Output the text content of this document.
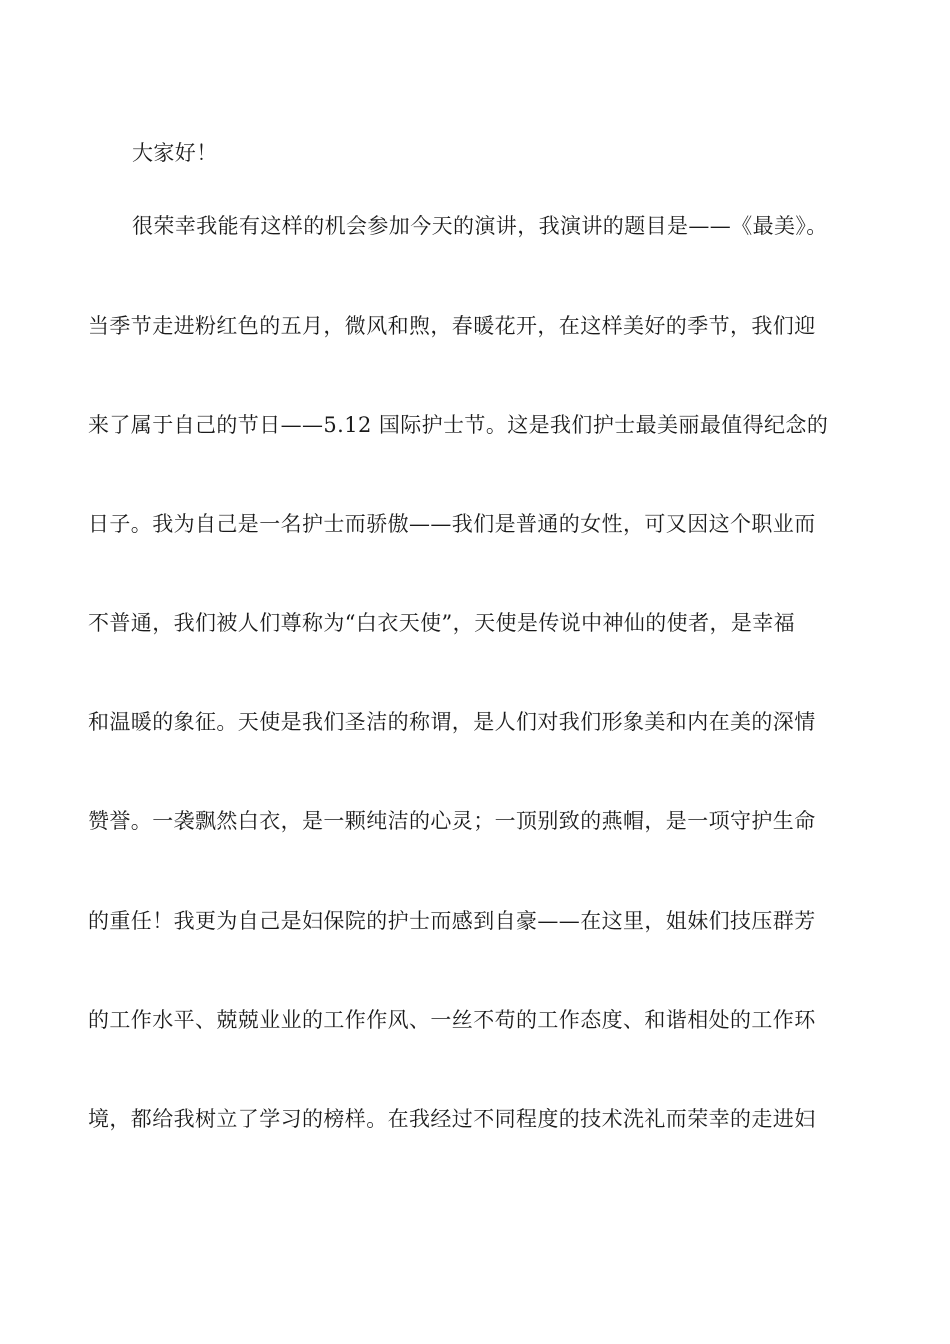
大家好！
很荣幸我能有这样的机会参加今天的演讲，我演讲的题目是——《最美》。
当季节走进粉红色的五月，微风和煦，春暖花开，在这样美好的季节，我们迎
来了属于自己的节日——5.12 国际护士节。这是我们护士最美丽最值得纪念的
日子。我为自己是一名护士而骄傲——我们是普通的女性，可又因这个职业而
不普通，我们被人们尊称为“白衣天使”，天使是传说中神仙的使者，是幸福
和温暖的象征。天使是我们圣洁的称谓，是人们对我们形象美和内在美的深情
赞誉。一袭飘然白衣，是一颗纯洁的心灵；一顶别致的燕帽，是一项守护生命
的重任！我更为自己是妇保院的护士而感到自豪——在这里，姐妹们技压群芳
的工作水平、兢兢业业的工作作风、一丝不苟的工作态度、和谐相处的工作环
境，都给我树立了学习的榜样。在我经过不同程度的技术洗礼而荣幸的走进妇
